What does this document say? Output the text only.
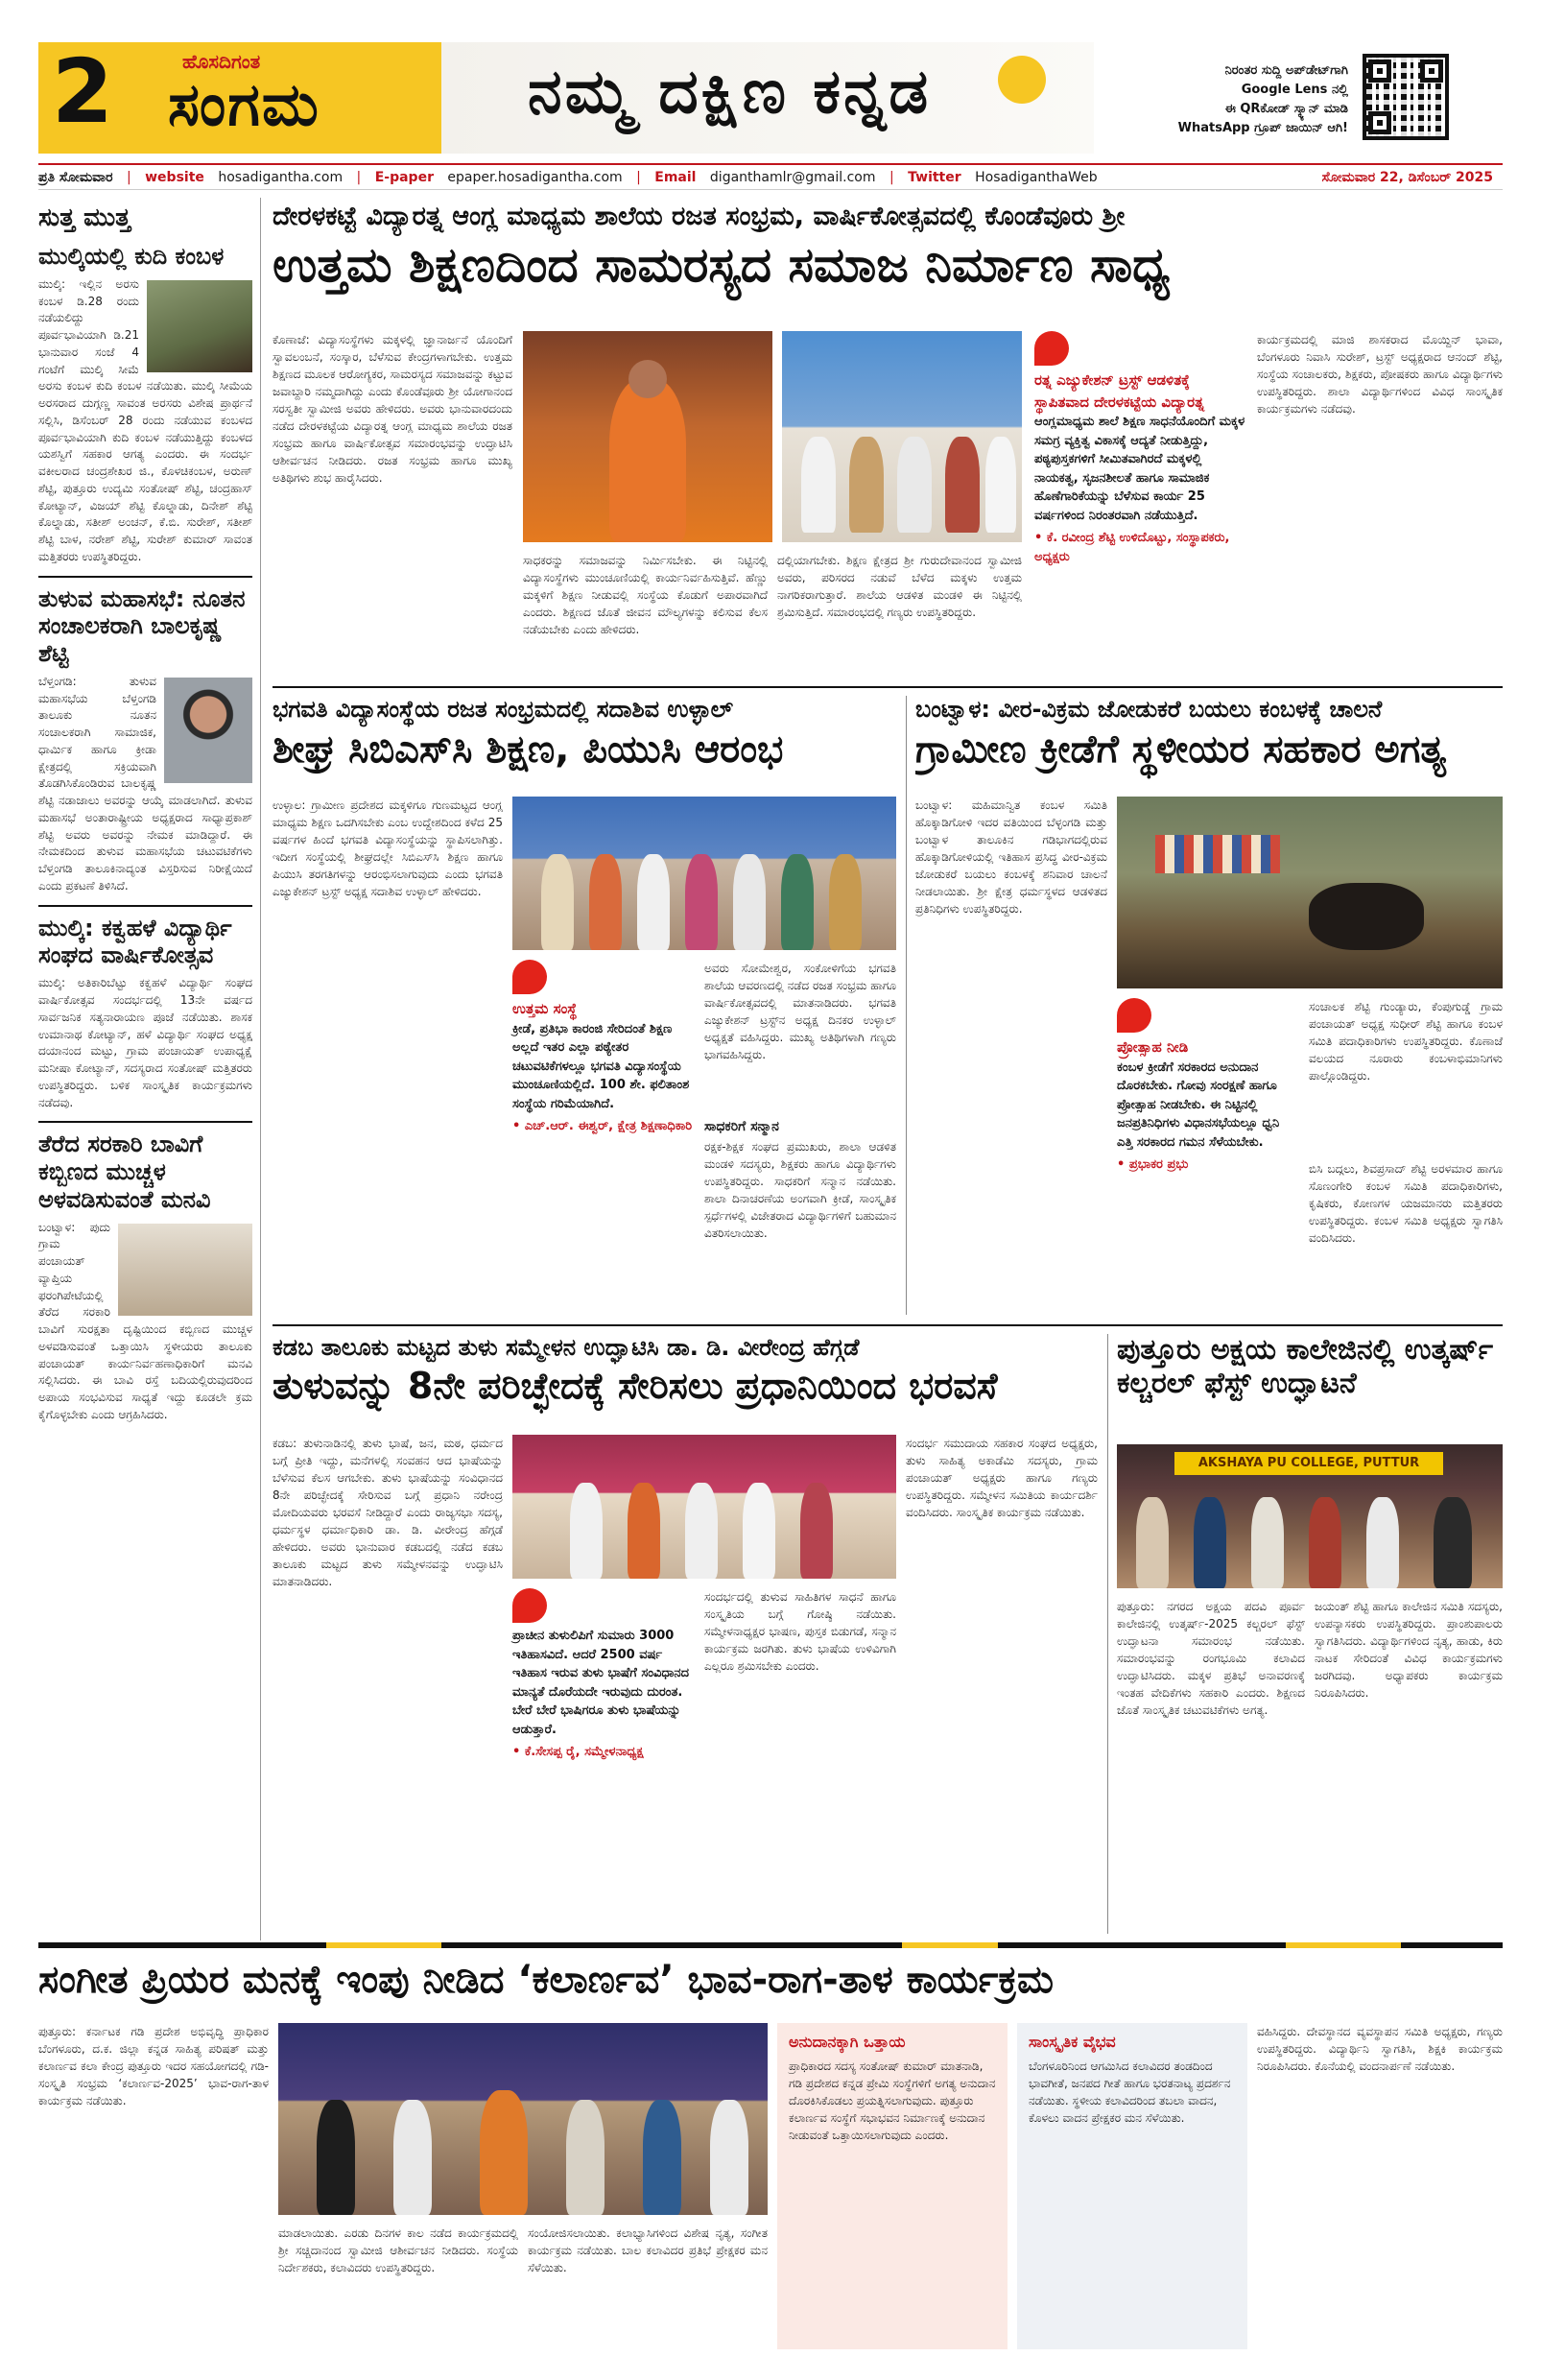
2	ಹೊಸದಿಗಂತ
ಸಂಗಮ	ನಮ್ಮ ದಕ್ಷಿಣ ಕನ್ನಡ	ನಿರಂತರ ಸುದ್ದಿ ಅಪ್‌ಡೇಟ್‌ಗಾಗಿ
Google Lens ನಲ್ಲಿ
ಈ QRಕೋಡ್ ಸ್ಕ್ಯಾನ್ ಮಾಡಿ
WhatsApp ಗ್ರೂಪ್ ಜಾಯಿನ್ ಆಗಿ!
ಪ್ರತಿ ಸೋಮವಾರ | website hosadigantha.com | E-paper epaper.hosadigantha.com | Email diganthamlr@gmail.com | Twitter HosadiganthaWeb	ಸೋಮವಾರ 22, ಡಿಸೆಂಬರ್ 2025
ಸುತ್ತ ಮುತ್ತ
ಮುಲ್ಕಿಯಲ್ಲಿ ಕುದಿ ಕಂಬಳ
ಮುಲ್ಕಿ: ಇಲ್ಲಿನ ಅರಸು ಕಂಬಳ ಡಿ.28 ರಂದು ನಡೆಯಲಿದ್ದು ಪೂರ್ವಭಾವಿಯಾಗಿ ಡಿ.21 ಭಾನುವಾರ ಸಂಜೆ 4 ಗಂಟೆಗೆ ಮುಲ್ಕಿ ಸೀಮೆ ಅರಸು ಕಂಬಳ ಕುದಿ ಕಂಬಳ ನಡೆಯಿತು. ಮುಲ್ಕಿ ಸೀಮೆಯ ಅರಸರಾದ ದುಗ್ಗಣ್ಣ ಸಾವಂತ ಅರಸರು ವಿಶೇಷ ಪ್ರಾರ್ಥನೆ ಸಲ್ಲಿಸಿ, ಡಿಸೆಂಬರ್ 28 ರಂದು ನಡೆಯುವ ಕಂಬಳದ ಪೂರ್ವಭಾವಿಯಾಗಿ ಕುದಿ ಕಂಬಳ ನಡೆಯುತ್ತಿದ್ದು ಕಂಬಳದ ಯಶಸ್ವಿಗೆ ಸಹಕಾರ ಆಗತ್ಯ ಎಂದರು. ಈ ಸಂದರ್ಭ ವಕೀಲರಾದ ಚಂದ್ರಶೇಖರ ಜಿ., ಕೊಳಚಿಕಂಬಳ, ಅರುಣ್ ಶೆಟ್ಟಿ, ಪುತ್ತೂರು ಉದ್ಯಮಿ ಸಂತೋಷ್ ಶೆಟ್ಟಿ, ಚಂದ್ರಹಾಸ್ ಕೋಟ್ಯಾನ್, ವಿಜಯ್ ಶೆಟ್ಟಿ ಕೊಲ್ನಾಡು, ದಿನೇಶ್ ಶೆಟ್ಟಿ ಕೊಲ್ನಾಡು, ಸತೀಶ್ ಅಂಚನ್, ಕೆ.ಬಿ. ಸುರೇಶ್, ಸತೀಶ್ ಶೆಟ್ಟಿ ಬಾಳ, ನರೇಶ್ ಶೆಟ್ಟಿ, ಸುರೇಶ್ ಕುಮಾರ್ ಸಾವಂತ ಮತ್ತಿತರರು ಉಪಸ್ಥಿತರಿದ್ದರು.
ತುಳುವ ಮಹಾಸಭೆ: ನೂತನ ಸಂಚಾಲಕರಾಗಿ ಬಾಲಕೃಷ್ಣ ಶೆಟ್ಟಿ
ಬೆಳ್ತಂಗಡಿ: ತುಳುವ ಮಹಾಸಭೆಯ ಬೆಳ್ತಂಗಡಿ ತಾಲೂಕು ನೂತನ ಸಂಚಾಲಕರಾಗಿ ಸಾಮಾಜಿಕ, ಧಾರ್ಮಿಕ ಹಾಗೂ ಕ್ರೀಡಾ ಕ್ಷೇತ್ರದಲ್ಲಿ ಸಕ್ರಿಯವಾಗಿ ತೊಡಗಿಸಿಕೊಂಡಿರುವ ಬಾಲಕೃಷ್ಣ ಶೆಟ್ಟಿ ನಡಾಜಾಲು ಅವರನ್ನು ಆಯ್ಕೆ ಮಾಡಲಾಗಿದೆ. ತುಳುವ ಮಹಾಸಭೆ ಅಂತಾರಾಷ್ಟ್ರೀಯ ಅಧ್ಯಕ್ಷರಾದ ಸಾಧ್ಯಾಪ್ರಕಾಶ್ ಶೆಟ್ಟಿ ಅವರು ಅವರನ್ನು ನೇಮಕ ಮಾಡಿದ್ದಾರೆ. ಈ ನೇಮಕದಿಂದ ತುಳುವ ಮಹಾಸಭೆಯ ಚಟುವಟಿಕೆಗಳು ಬೆಳ್ತಂಗಡಿ ತಾಲೂಕಿನಾದ್ಯಂತ ವಿಸ್ತರಿಸುವ ನಿರೀಕ್ಷೆಯಿದೆ ಎಂದು ಪ್ರಕಟಣೆ ತಿಳಿಸಿದೆ.
ಮುಲ್ಕಿ: ಕಕ್ವಹಳೆ ವಿದ್ಯಾರ್ಥಿ ಸಂಘದ ವಾರ್ಷಿಕೋತ್ಸವ
ಮುಲ್ಕಿ: ಅತಿಕಾರಿಬೆಟ್ಟು ಕಕ್ವಹಳೆ ವಿದ್ಯಾರ್ಥಿ ಸಂಘದ ವಾರ್ಷಿಕೋತ್ಸವ ಸಂದರ್ಭದಲ್ಲಿ 13ನೇ ವರ್ಷದ ಸಾರ್ವಜನಿಕ ಸತ್ಯನಾರಾಯಣ ಪೂಜೆ ನಡೆಯಿತು. ಶಾಸಕ ಉಮಾನಾಥ ಕೋಟ್ಯಾನ್, ಹಳೆ ವಿದ್ಯಾರ್ಥಿ ಸಂಘದ ಅಧ್ಯಕ್ಷ ದಯಾನಂದ ಮಟ್ಟು, ಗ್ರಾಮ ಪಂಚಾಯತ್ ಉಪಾಧ್ಯಕ್ಷೆ ಮನೀಷಾ ಕೋಟ್ಯಾನ್, ಸದಸ್ಯರಾದ ಸಂತೋಷ್ ಮತ್ತಿತರರು ಉಪಸ್ಥಿತರಿದ್ದರು. ಬಳಿಕ ಸಾಂಸ್ಕೃತಿಕ ಕಾರ್ಯಕ್ರಮಗಳು ನಡೆದವು.
ತೆರೆದ ಸರಕಾರಿ ಬಾವಿಗೆ ಕಬ್ಬಿಣದ ಮುಚ್ಚಳ ಅಳವಡಿಸುವಂತೆ ಮನವಿ
ಬಂಟ್ವಾಳ: ಪುದು ಗ್ರಾಮ ಪಂಚಾಯತ್ ವ್ಯಾಪ್ತಿಯ ಫರಂಗಿಪೇಟೆಯಲ್ಲಿ ತೆರೆದ ಸರಕಾರಿ ಬಾವಿಗೆ ಸುರಕ್ಷತಾ ದೃಷ್ಟಿಯಿಂದ ಕಬ್ಬಿಣದ ಮುಚ್ಚಳ ಅಳವಡಿಸುವಂತೆ ಒತ್ತಾಯಿಸಿ ಸ್ಥಳೀಯರು ತಾಲೂಕು ಪಂಚಾಯತ್ ಕಾರ್ಯನಿರ್ವಹಣಾಧಿಕಾರಿಗೆ ಮನವಿ ಸಲ್ಲಿಸಿದರು. ಈ ಬಾವಿ ರಸ್ತೆ ಬದಿಯಲ್ಲಿರುವುದರಿಂದ ಅಪಾಯ ಸಂಭವಿಸುವ ಸಾಧ್ಯತೆ ಇದ್ದು ಕೂಡಲೇ ಕ್ರಮ ಕೈಗೊಳ್ಳಬೇಕು ಎಂದು ಆಗ್ರಹಿಸಿದರು.
ದೇರಳಕಟ್ಟೆ ವಿದ್ಯಾರತ್ನ ಆಂಗ್ಲ ಮಾಧ್ಯಮ ಶಾಲೆಯ ರಜತ ಸಂಭ್ರಮ, ವಾರ್ಷಿಕೋತ್ಸವದಲ್ಲಿ ಕೊಂಡೆವೂರು ಶ್ರೀ
ಉತ್ತಮ ಶಿಕ್ಷಣದಿಂದ ಸಾಮರಸ್ಯದ ಸಮಾಜ ನಿರ್ಮಾಣ ಸಾಧ್ಯ
ಕೊಣಾಜೆ: ವಿದ್ಯಾಸಂಸ್ಥೆಗಳು ಮಕ್ಕಳಲ್ಲಿ ಜ್ಞಾನಾರ್ಜನೆ ಯೊಂದಿಗೆ ಸ್ವಾವಲಂಬನೆ, ಸಂಸ್ಕಾರ, ಬೆಳೆಸುವ ಕೇಂದ್ರಗಳಾಗಬೇಕು. ಉತ್ತಮ ಶಿಕ್ಷಣದ ಮೂಲಕ ಆರೋಗ್ಯಕರ, ಸಾಮರಸ್ಯದ ಸಮಾಜವನ್ನು ಕಟ್ಟುವ ಜವಾಬ್ದಾರಿ ನಮ್ಮದಾಗಿದ್ದು ಎಂದು ಕೊಂಡೆವೂರು ಶ್ರೀ ಯೋಗಾನಂದ ಸರಸ್ವತೀ ಸ್ವಾಮೀಜಿ ಅವರು ಹೇಳಿದರು. ಅವರು ಭಾನುವಾರದಂದು ನಡೆದ ದೇರಳಕಟ್ಟೆಯ ವಿದ್ಯಾರತ್ನ ಆಂಗ್ಲ ಮಾಧ್ಯಮ ಶಾಲೆಯ ರಜತ ಸಂಭ್ರಮ ಹಾಗೂ ವಾರ್ಷಿಕೋತ್ಸವ ಸಮಾರಂಭವನ್ನು ಉದ್ಘಾಟಿಸಿ ಆಶೀರ್ವಚನ ನೀಡಿದರು. ರಜತ ಸಂಭ್ರಮ ಹಾಗೂ ಮುಖ್ಯ ಅತಿಥಿಗಳು ಶುಭ ಹಾರೈಸಿದರು.
ಸಾಧಕರನ್ನು ಸಮಾಜವನ್ನು ನಿರ್ಮಿಸಬೇಕು. ಈ ನಿಟ್ಟಿನಲ್ಲಿ ವಿದ್ಯಾಸಂಸ್ಥೆಗಳು ಮುಂಚೂಣಿಯಲ್ಲಿ ಕಾರ್ಯನಿರ್ವಹಿಸುತ್ತಿವೆ. ಹೆಣ್ಣು ಮಕ್ಕಳಿಗೆ ಶಿಕ್ಷಣ ನೀಡುವಲ್ಲಿ ಸಂಸ್ಥೆಯ ಕೊಡುಗೆ ಅಪಾರವಾಗಿದೆ ಎಂದರು. ಶಿಕ್ಷಣದ ಜೊತೆ ಜೀವನ ಮೌಲ್ಯಗಳನ್ನು ಕಲಿಸುವ ಕೆಲಸ ನಡೆಯಬೇಕು ಎಂದು ಹೇಳಿದರು.
ದಲ್ಲಿಯಾಗಬೇಕು. ಶಿಕ್ಷಣ ಕ್ಷೇತ್ರದ ಶ್ರೀ ಗುರುದೇವಾನಂದ ಸ್ವಾಮೀಜಿ ಅವರು, ಪರಿಸರದ ನಡುವೆ ಬೆಳೆದ ಮಕ್ಕಳು ಉತ್ತಮ ನಾಗರಿಕರಾಗುತ್ತಾರೆ. ಶಾಲೆಯ ಆಡಳಿತ ಮಂಡಳಿ ಈ ನಿಟ್ಟಿನಲ್ಲಿ ಶ್ರಮಿಸುತ್ತಿದೆ. ಸಮಾರಂಭದಲ್ಲಿ ಗಣ್ಯರು ಉಪಸ್ಥಿತರಿದ್ದರು.
ರತ್ನ ಎಜ್ಯುಕೇಶನ್ ಟ್ರಸ್ಟ್ ಆಡಳಿತಕ್ಕೆ ಸ್ಥಾಪಿತವಾದ ದೇರಳಕಟ್ಟೆಯ ವಿದ್ಯಾರತ್ನ
ಆಂಗ್ಲಮಾಧ್ಯಮ ಶಾಲೆ ಶಿಕ್ಷಣ ಸಾಧನೆಯೊಂದಿಗೆ ಮಕ್ಕಳ ಸಮಗ್ರ ವ್ಯಕ್ತಿತ್ವ ವಿಕಾಸಕ್ಕೆ ಆದ್ಯತೆ ನೀಡುತ್ತಿದ್ದು, ಪಠ್ಯಪುಸ್ತಕಗಳಿಗೆ ಸೀಮಿತವಾಗಿರದೆ ಮಕ್ಕಳಲ್ಲಿ ನಾಯಕತ್ವ, ಸೃಜನಶೀಲತೆ ಹಾಗೂ ಸಾಮಾಜಿಕ ಹೊಣೆಗಾರಿಕೆಯನ್ನು ಬೆಳೆಸುವ ಕಾರ್ಯ 25 ವರ್ಷಗಳಿಂದ ನಿರಂತರವಾಗಿ ನಡೆಯುತ್ತಿದೆ.
• ಕೆ. ರವೀಂದ್ರ ಶೆಟ್ಟಿ ಉಳಿದೊಟ್ಟು, ಸಂಸ್ಥಾಪಕರು, ಅಧ್ಯಕ್ಷರು
ಕಾರ್ಯಕ್ರಮದಲ್ಲಿ ಮಾಜಿ ಶಾಸಕರಾದ ಮೊಯ್ದಿನ್ ಭಾವಾ, ಬೆಂಗಳೂರು ನಿವಾಸಿ ಸುರೇಶ್, ಟ್ರಸ್ಟ್ ಅಧ್ಯಕ್ಷರಾದ ಆನಂದ್ ಶೆಟ್ಟಿ, ಸಂಸ್ಥೆಯ ಸಂಚಾಲಕರು, ಶಿಕ್ಷಕರು, ಪೋಷಕರು ಹಾಗೂ ವಿದ್ಯಾರ್ಥಿಗಳು ಉಪಸ್ಥಿತರಿದ್ದರು. ಶಾಲಾ ವಿದ್ಯಾರ್ಥಿಗಳಿಂದ ವಿವಿಧ ಸಾಂಸ್ಕೃತಿಕ ಕಾರ್ಯಕ್ರಮಗಳು ನಡೆದವು.
ಭಗವತಿ ವಿದ್ಯಾಸಂಸ್ಥೆಯ ರಜತ ಸಂಭ್ರಮದಲ್ಲಿ ಸದಾಶಿವ ಉಳ್ಳಾಲ್
ಶೀಘ್ರ ಸಿಬಿಎಸ್‌ಸಿ ಶಿಕ್ಷಣ, ಪಿಯುಸಿ ಆರಂಭ
ಉಳ್ಳಾಲ: ಗ್ರಾಮೀಣ ಪ್ರದೇಶದ ಮಕ್ಕಳಿಗೂ ಗುಣಮಟ್ಟದ ಆಂಗ್ಲ ಮಾಧ್ಯಮ ಶಿಕ್ಷಣ ಒದಗಿಸಬೇಕು ಎಂಬ ಉದ್ದೇಶದಿಂದ ಕಳೆದ 25 ವರ್ಷಗಳ ಹಿಂದೆ ಭಗವತಿ ವಿದ್ಯಾಸಂಸ್ಥೆಯನ್ನು ಸ್ಥಾಪಿಸಲಾಗಿತ್ತು. ಇದೀಗ ಸಂಸ್ಥೆಯಲ್ಲಿ ಶೀಘ್ರದಲ್ಲೇ ಸಿಬಿಎಸ್‌ಸಿ ಶಿಕ್ಷಣ ಹಾಗೂ ಪಿಯುಸಿ ತರಗತಿಗಳನ್ನು ಆರಂಭಿಸಲಾಗುವುದು ಎಂದು ಭಗವತಿ ಎಜ್ಯುಕೇಶನ್ ಟ್ರಸ್ಟ್ ಅಧ್ಯಕ್ಷ ಸದಾಶಿವ ಉಳ್ಳಾಲ್ ಹೇಳಿದರು.
ಉತ್ತಮ ಸಂಸ್ಥೆ
ಕ್ರೀಡೆ, ಪ್ರತಿಭಾ ಕಾರಂಜಿ ಸೇರಿದಂತೆ ಶಿಕ್ಷಣ ಅಲ್ಲದೆ ಇತರ ಎಲ್ಲಾ ಪಠ್ಯೇತರ ಚಟುವಟಿಕೆಗಳಲ್ಲೂ ಭಗವತಿ ವಿದ್ಯಾಸಂಸ್ಥೆಯ ಮುಂಚೂಣಿಯಲ್ಲಿದೆ. 100 ಶೇ. ಫಲಿತಾಂಶ ಸಂಸ್ಥೆಯ ಗರಿಮೆಯಾಗಿದೆ.
• ಎಚ್.ಆರ್. ಈಶ್ವರ್, ಕ್ಷೇತ್ರ ಶಿಕ್ಷಣಾಧಿಕಾರಿ
ಅವರು ಸೋಮೇಶ್ವರ, ಸಂಕೋಳಿಗೆಯ ಭಗವತಿ ಶಾಲೆಯ ಆವರಣದಲ್ಲಿ ನಡೆದ ರಜತ ಸಂಭ್ರಮ ಹಾಗೂ ವಾರ್ಷಿಕೋತ್ಸವದಲ್ಲಿ ಮಾತನಾಡಿದರು. ಭಗವತಿ ಎಜ್ಯುಕೇಶನ್ ಟ್ರಸ್ಟ್‌ನ ಅಧ್ಯಕ್ಷ ದಿನಕರ ಉಳ್ಳಾಲ್ ಅಧ್ಯಕ್ಷತೆ ವಹಿಸಿದ್ದರು. ಮುಖ್ಯ ಅತಿಥಿಗಳಾಗಿ ಗಣ್ಯರು ಭಾಗವಹಿಸಿದ್ದರು.
ಸಾಧಕರಿಗೆ ಸನ್ಮಾನ
ರಕ್ಷಕ-ಶಿಕ್ಷಕ ಸಂಘದ ಪ್ರಮುಖರು, ಶಾಲಾ ಆಡಳಿತ ಮಂಡಳಿ ಸದಸ್ಯರು, ಶಿಕ್ಷಕರು ಹಾಗೂ ವಿದ್ಯಾರ್ಥಿಗಳು ಉಪಸ್ಥಿತರಿದ್ದರು. ಸಾಧಕರಿಗೆ ಸನ್ಮಾನ ನಡೆಯಿತು. ಶಾಲಾ ದಿನಾಚರಣೆಯ ಅಂಗವಾಗಿ ಕ್ರೀಡೆ, ಸಾಂಸ್ಕೃತಿಕ ಸ್ಪರ್ಧೆಗಳಲ್ಲಿ ವಿಜೇತರಾದ ವಿದ್ಯಾರ್ಥಿಗಳಿಗೆ ಬಹುಮಾನ ವಿತರಿಸಲಾಯಿತು.
ಬಂಟ್ವಾಳ: ವೀರ-ವಿಕ್ರಮ ಜೋಡುಕರೆ ಬಯಲು ಕಂಬಳಕ್ಕೆ ಚಾಲನೆ
ಗ್ರಾಮೀಣ ಕ್ರೀಡೆಗೆ ಸ್ಥಳೀಯರ ಸಹಕಾರ ಅಗತ್ಯ
ಬಂಟ್ವಾಳ: ಮಹಿಮಾನ್ವಿತ ಕಂಬಳ ಸಮಿತಿ ಹೊಕ್ಕಾಡಿಗೋಳಿ ಇದರ ವತಿಯಿಂದ ಬೆಳ್ಳಂಗಡಿ ಮತ್ತು ಬಂಟ್ವಾಳ ತಾಲೂಕಿನ ಗಡಿಭಾಗದಲ್ಲಿರುವ ಹೊಕ್ಕಾಡಿಗೋಳಿಯಲ್ಲಿ ಇತಿಹಾಸ ಪ್ರಸಿದ್ಧ ವೀರ-ವಿಕ್ರಮ ಜೋಡುಕರೆ ಬಯಲು ಕಂಬಳಕ್ಕೆ ಶನಿವಾರ ಚಾಲನೆ ನೀಡಲಾಯಿತು. ಶ್ರೀ ಕ್ಷೇತ್ರ ಧರ್ಮಸ್ಥಳದ ಆಡಳಿತದ ಪ್ರತಿನಿಧಿಗಳು ಉಪಸ್ಥಿತರಿದ್ದರು.
ಪ್ರೋತ್ಸಾಹ ನೀಡಿ
ಕಂಬಳ ಕ್ರೀಡೆಗೆ ಸರಕಾರದ ಅನುದಾನ ದೊರಕಬೇಕು. ಗೋವು ಸಂರಕ್ಷಣೆ ಹಾಗೂ ಪ್ರೋತ್ಸಾಹ ನೀಡಬೇಕು. ಈ ನಿಟ್ಟಿನಲ್ಲಿ ಜನಪ್ರತಿನಿಧಿಗಳು ವಿಧಾನಸಭೆಯಲ್ಲೂ ಧ್ವನಿ ಎತ್ತಿ ಸರಕಾರದ ಗಮನ ಸೆಳೆಯಬೇಕು.
• ಪ್ರಭಾಕರ ಪ್ರಭು
ಸಂಚಾಲಕ ಶೆಟ್ಟಿ ಗುಂಡ್ಯಾರು, ಕೆಂಪುಗುಡ್ಡೆ ಗ್ರಾಮ ಪಂಚಾಯತ್ ಅಧ್ಯಕ್ಷ ಸುಧೀರ್ ಶೆಟ್ಟಿ ಹಾಗೂ ಕಂಬಳ ಸಮಿತಿ ಪದಾಧಿಕಾರಿಗಳು ಉಪಸ್ಥಿತರಿದ್ದರು. ಕೊಣಾಜೆ ವಲಯದ ನೂರಾರು ಕಂಬಳಾಭಿಮಾನಿಗಳು ಪಾಲ್ಗೊಂಡಿದ್ದರು.
ಬಿಸಿ ಬದ್ಗಲು, ಶಿವಪ್ರಸಾದ್ ಶೆಟ್ಟಿ ಅರಳಮಾರ ಹಾಗೂ ಸೊಣಂಗೇರಿ ಕಂಬಳ ಸಮಿತಿ ಪದಾಧಿಕಾರಿಗಳು, ಕೃಷಿಕರು, ಕೋಣಗಳ ಯಜಮಾನರು ಮತ್ತಿತರರು ಉಪಸ್ಥಿತರಿದ್ದರು. ಕಂಬಳ ಸಮಿತಿ ಅಧ್ಯಕ್ಷರು ಸ್ವಾಗತಿಸಿ ವಂದಿಸಿದರು.
ಕಡಬ ತಾಲೂಕು ಮಟ್ಟದ ತುಳು ಸಮ್ಮೇಳನ ಉದ್ಘಾಟಿಸಿ ಡಾ. ಡಿ. ವೀರೇಂದ್ರ ಹೆಗ್ಗಡೆ
ತುಳುವನ್ನು 8ನೇ ಪರಿಚ್ಛೇದಕ್ಕೆ ಸೇರಿಸಲು ಪ್ರಧಾನಿಯಿಂದ ಭರವಸೆ
ಕಡಬ: ತುಳುನಾಡಿನಲ್ಲಿ ತುಳು ಭಾಷೆ, ಜನ, ಮಠ, ಧರ್ಮದ ಬಗ್ಗೆ ಪ್ರೀತಿ ಇದ್ದು, ಮನೆಗಳಲ್ಲಿ ಸಂವಹನ ಆದ ಭಾಷೆಯನ್ನು ಬೆಳೆಸುವ ಕೆಲಸ ಆಗಬೇಕು. ತುಳು ಭಾಷೆಯನ್ನು ಸಂವಿಧಾನದ 8ನೇ ಪರಿಚ್ಛೇದಕ್ಕೆ ಸೇರಿಸುವ ಬಗ್ಗೆ ಪ್ರಧಾನಿ ನರೇಂದ್ರ ಮೋದಿಯವರು ಭರವಸೆ ನೀಡಿದ್ದಾರೆ ಎಂದು ರಾಜ್ಯಸಭಾ ಸದಸ್ಯ, ಧರ್ಮಸ್ಥಳ ಧರ್ಮಾಧಿಕಾರಿ ಡಾ. ಡಿ. ವೀರೇಂದ್ರ ಹೆಗ್ಗಡೆ ಹೇಳಿದರು. ಅವರು ಭಾನುವಾರ ಕಡಬದಲ್ಲಿ ನಡೆದ ಕಡಬ ತಾಲೂಕು ಮಟ್ಟದ ತುಳು ಸಮ್ಮೇಳನವನ್ನು ಉದ್ಘಾಟಿಸಿ ಮಾತನಾಡಿದರು.
ಪ್ರಾಚೀನ ತುಳುಲಿಪಿಗೆ ಸುಮಾರು 3000 ಇತಿಹಾಸವಿದೆ. ಆದರೆ 2500 ವರ್ಷ ಇತಿಹಾಸ ಇರುವ ತುಳು ಭಾಷೆಗೆ ಸಂವಿಧಾನದ ಮಾನ್ಯತೆ ದೊರೆಯದೇ ಇರುವುದು ದುರಂತ. ಬೇರೆ ಬೇರೆ ಭಾಷಿಗರೂ ತುಳು ಭಾಷೆಯನ್ನು ಆಡುತ್ತಾರೆ.
• ಕೆ.ಸೇಸಪ್ಪ ರೈ, ಸಮ್ಮೇಳನಾಧ್ಯಕ್ಷ
ಸಂದರ್ಭದಲ್ಲಿ ತುಳುವ ಸಾಹಿತಿಗಳ ಸಾಧನೆ ಹಾಗೂ ಸಂಸ್ಕೃತಿಯ ಬಗ್ಗೆ ಗೋಷ್ಠಿ ನಡೆಯಿತು. ಸಮ್ಮೇಳನಾಧ್ಯಕ್ಷರ ಭಾಷಣ, ಪುಸ್ತಕ ಬಿಡುಗಡೆ, ಸನ್ಮಾನ ಕಾರ್ಯಕ್ರಮ ಜರಗಿತು. ತುಳು ಭಾಷೆಯ ಉಳಿವಿಗಾಗಿ ಎಲ್ಲರೂ ಶ್ರಮಿಸಬೇಕು ಎಂದರು.
ಸಂದರ್ಭ ಸಮುದಾಯ ಸಹಕಾರ ಸಂಘದ ಅಧ್ಯಕ್ಷರು, ತುಳು ಸಾಹಿತ್ಯ ಅಕಾಡೆಮಿ ಸದಸ್ಯರು, ಗ್ರಾಮ ಪಂಚಾಯತ್ ಅಧ್ಯಕ್ಷರು ಹಾಗೂ ಗಣ್ಯರು ಉಪಸ್ಥಿತರಿದ್ದರು. ಸಮ್ಮೇಳನ ಸಮಿತಿಯ ಕಾರ್ಯದರ್ಶಿ ವಂದಿಸಿದರು. ಸಾಂಸ್ಕೃತಿಕ ಕಾರ್ಯಕ್ರಮ ನಡೆಯಿತು.
ಪುತ್ತೂರು ಅಕ್ಷಯ ಕಾಲೇಜಿನಲ್ಲಿ ಉತ್ಕರ್ಷ್ ಕಲ್ಚರಲ್ ಫೆಸ್ಟ್ ಉದ್ಘಾಟನೆ
AKSHAYA PU COLLEGE, PUTTUR
ಪುತ್ತೂರು: ನಗರದ ಅಕ್ಷಯ ಪದವಿ ಪೂರ್ವ ಕಾಲೇಜಿನಲ್ಲಿ ಉತ್ಕರ್ಷ್-2025 ಕಲ್ಚರಲ್ ಫೆಸ್ಟ್ ಉದ್ಘಾಟನಾ ಸಮಾರಂಭ ನಡೆಯಿತು. ಸಮಾರಂಭವನ್ನು ರಂಗಭೂಮಿ ಕಲಾವಿದ ಉದ್ಘಾಟಿಸಿದರು. ಮಕ್ಕಳ ಪ್ರತಿಭೆ ಅನಾವರಣಕ್ಕೆ ಇಂತಹ ವೇದಿಕೆಗಳು ಸಹಕಾರಿ ಎಂದರು. ಶಿಕ್ಷಣದ ಜೊತೆ ಸಾಂಸ್ಕೃತಿಕ ಚಟುವಟಿಕೆಗಳು ಅಗತ್ಯ.
ಜಯಂತ್ ಶೆಟ್ಟಿ ಹಾಗೂ ಕಾಲೇಜಿನ ಸಮಿತಿ ಸದಸ್ಯರು, ಉಪನ್ಯಾಸಕರು ಉಪಸ್ಥಿತರಿದ್ದರು. ಪ್ರಾಂಶುಪಾಲರು ಸ್ವಾಗತಿಸಿದರು. ವಿದ್ಯಾರ್ಥಿಗಳಿಂದ ನೃತ್ಯ, ಹಾಡು, ಕಿರು ನಾಟಕ ಸೇರಿದಂತೆ ವಿವಿಧ ಕಾರ್ಯಕ್ರಮಗಳು ಜರಗಿದವು. ಅಧ್ಯಾಪಕರು ಕಾರ್ಯಕ್ರಮ ನಿರೂಪಿಸಿದರು.
ಸಂಗೀತ ಪ್ರಿಯರ ಮನಕ್ಕೆ ಇಂಪು ನೀಡಿದ ‘ಕಲಾರ್ಣವ’ ಭಾವ-ರಾಗ-ತಾಳ ಕಾರ್ಯಕ್ರಮ
ಪುತ್ತೂರು: ಕರ್ನಾಟಕ ಗಡಿ ಪ್ರದೇಶ ಅಭಿವೃದ್ಧಿ ಪ್ರಾಧಿಕಾರ ಬೆಂಗಳೂರು, ದ.ಕ. ಜಿಲ್ಲಾ ಕನ್ನಡ ಸಾಹಿತ್ಯ ಪರಿಷತ್ ಮತ್ತು ಕಲಾರ್ಣವ ಕಲಾ ಕೇಂದ್ರ ಪುತ್ತೂರು ಇದರ ಸಹಯೋಗದಲ್ಲಿ ಗಡಿ-ಸಂಸ್ಕೃತಿ ಸಂಭ್ರಮ ‘ಕಲಾರ್ಣವ-2025’ ಭಾವ-ರಾಗ-ತಾಳ ಕಾರ್ಯಕ್ರಮ ನಡೆಯಿತು.
ಮಾಡಲಾಯಿತು. ಎರಡು ದಿನಗಳ ಕಾಲ ನಡೆದ ಕಾರ್ಯಕ್ರಮದಲ್ಲಿ ಶ್ರೀ ಸಚ್ಚಿದಾನಂದ ಸ್ವಾಮೀಜಿ ಆಶೀರ್ವಚನ ನೀಡಿದರು. ಸಂಸ್ಥೆಯ ನಿರ್ದೇಶಕರು, ಕಲಾವಿದರು ಉಪಸ್ಥಿತರಿದ್ದರು.
ಸಂಯೋಜಿಸಲಾಯಿತು. ಕಲಾಭ್ಯಾಸಿಗಳಿಂದ ವಿಶೇಷ ನೃತ್ಯ, ಸಂಗೀತ ಕಾರ್ಯಕ್ರಮ ನಡೆಯಿತು. ಬಾಲ ಕಲಾವಿದರ ಪ್ರತಿಭೆ ಪ್ರೇಕ್ಷಕರ ಮನ ಸೆಳೆಯಿತು.
ಅನುದಾನಕ್ಕಾಗಿ ಒತ್ತಾಯ
ಪ್ರಾಧಿಕಾರದ ಸದಸ್ಯ ಸಂತೋಷ್ ಕುಮಾರ್ ಮಾತನಾಡಿ, ಗಡಿ ಪ್ರದೇಶದ ಕನ್ನಡ ಪ್ರೇಮಿ ಸಂಸ್ಥೆಗಳಿಗೆ ಅಗತ್ಯ ಅನುದಾನ ದೊರಕಿಸಿಕೊಡಲು ಪ್ರಯತ್ನಿಸಲಾಗುವುದು. ಪುತ್ತೂರು ಕಲಾರ್ಣವ ಸಂಸ್ಥೆಗೆ ಸಭಾಭವನ ನಿರ್ಮಾಣಕ್ಕೆ ಅನುದಾನ ನೀಡುವಂತೆ ಒತ್ತಾಯಿಸಲಾಗುವುದು ಎಂದರು.
ಸಾಂಸ್ಕೃತಿಕ ವೈಭವ
ಬೆಂಗಳೂರಿನಿಂದ ಆಗಮಿಸಿದ ಕಲಾವಿದರ ತಂಡದಿಂದ ಭಾವಗೀತೆ, ಜನಪದ ಗೀತೆ ಹಾಗೂ ಭರತನಾಟ್ಯ ಪ್ರದರ್ಶನ ನಡೆಯಿತು. ಸ್ಥಳೀಯ ಕಲಾವಿದರಿಂದ ತಬಲಾ ವಾದನ, ಕೊಳಲು ವಾದನ ಪ್ರೇಕ್ಷಕರ ಮನ ಸೆಳೆಯಿತು.
ವಹಿಸಿದ್ದರು. ದೇವಸ್ಥಾನದ ವ್ಯವಸ್ಥಾಪನ ಸಮಿತಿ ಅಧ್ಯಕ್ಷರು, ಗಣ್ಯರು ಉಪಸ್ಥಿತರಿದ್ದರು. ವಿದ್ಯಾರ್ಥಿನಿ ಸ್ವಾಗತಿಸಿ, ಶಿಕ್ಷಕಿ ಕಾರ್ಯಕ್ರಮ ನಿರೂಪಿಸಿದರು. ಕೊನೆಯಲ್ಲಿ ವಂದನಾರ್ಪಣೆ ನಡೆಯಿತು.
